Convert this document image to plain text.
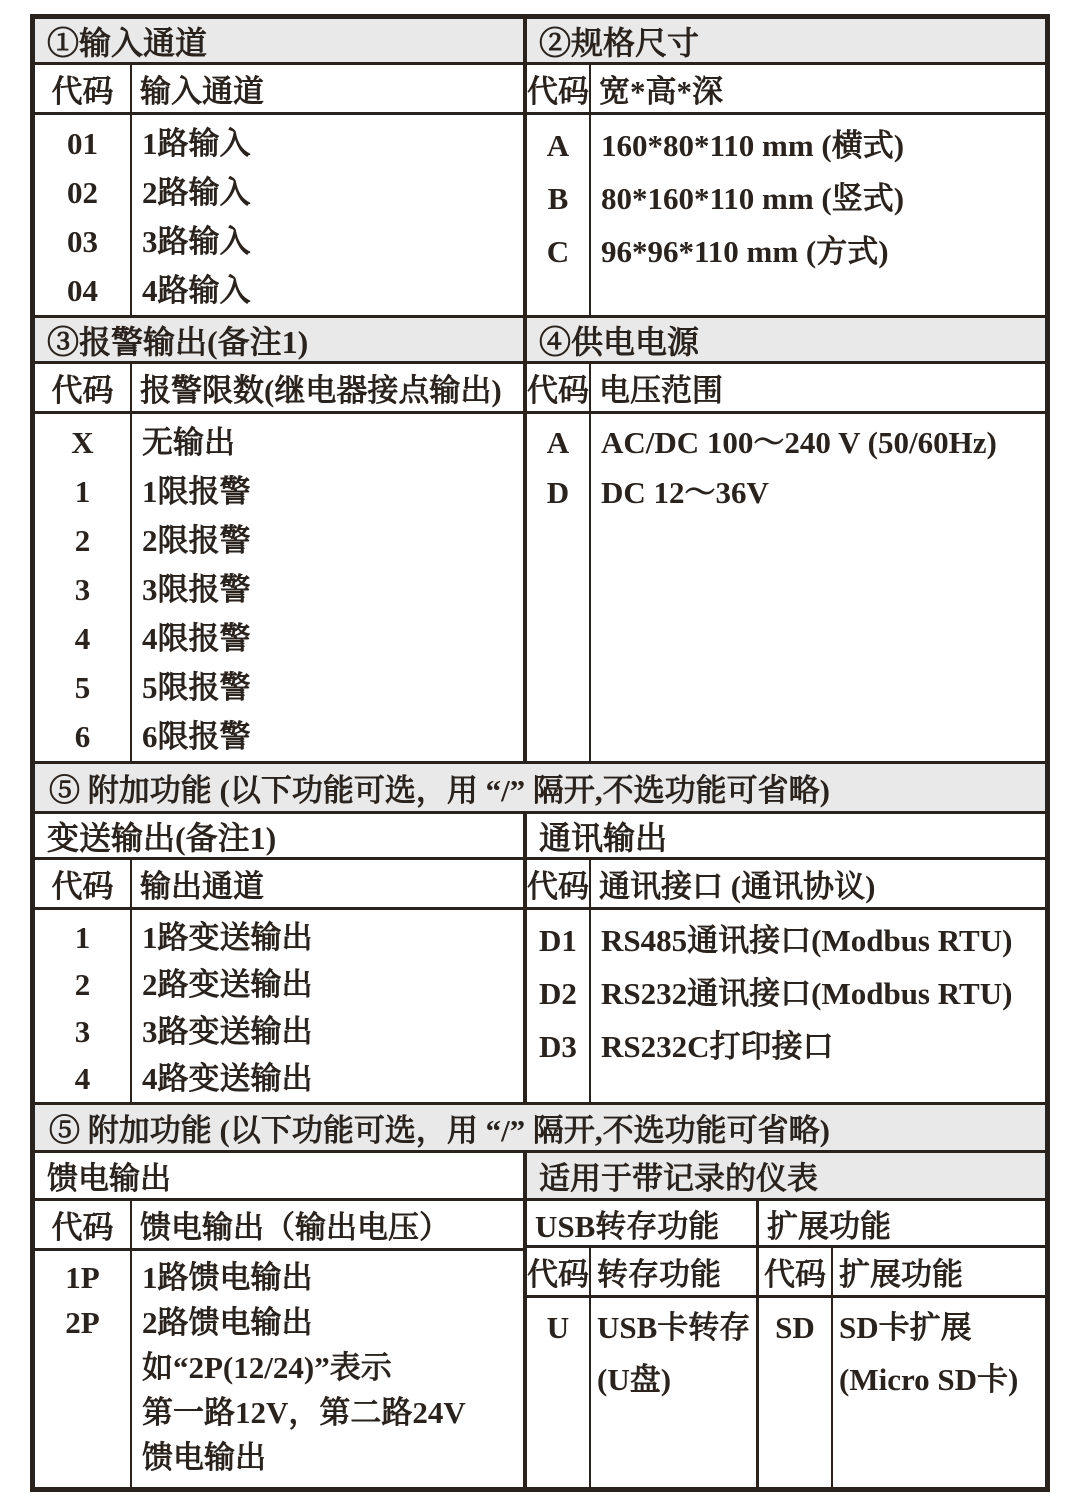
①输入通道
代码 输入通道
01
02
03
04
1路输入
2路输入
3路输入
4路输入
②规格尺寸
代码 宽*高*深
A
B
C
160*80*110 mm (横式)
80*160*110 mm (竖式)
96*96*110 mm (方式)
③报警输出(备注1)
代码 报警限数(继电器接点输出)
X
1
2
3
4
5
6
无输出
1限报警
2限报警
3限报警
4限报警
5限报警
6限报警
④供电电源
代码 电压范围
A
D
AC/DC 100～240 V (50/60Hz)
DC 12～36V
⑤ 附加功能 (以下功能可选，用 “/” 隔开,不选功能可省略)
变送输出(备注1)
代码 输出通道
1
2
3
4
1路变送输出
2路变送输出
3路变送输出
4路变送输出
通讯输出
代码 通讯接口 (通讯协议)
D1
D2
D3
RS485通讯接口(Modbus RTU)
RS232通讯接口(Modbus RTU)
RS232C打印接口
⑤ 附加功能 (以下功能可选，用 “/” 隔开,不选功能可省略)
馈电输出	适用于带记录的仪表
代码 馈电输出（输出电压）
1P
2P
1路馈电输出
2路馈电输出
如“2P(12/24)”表示
第一路12V，第二路24V
馈电输出
USB转存功能
代码 转存功能
U USB卡转存
(U盘)
扩展功能
代码 扩展功能
SD SD卡扩展
(Micro SD卡)
